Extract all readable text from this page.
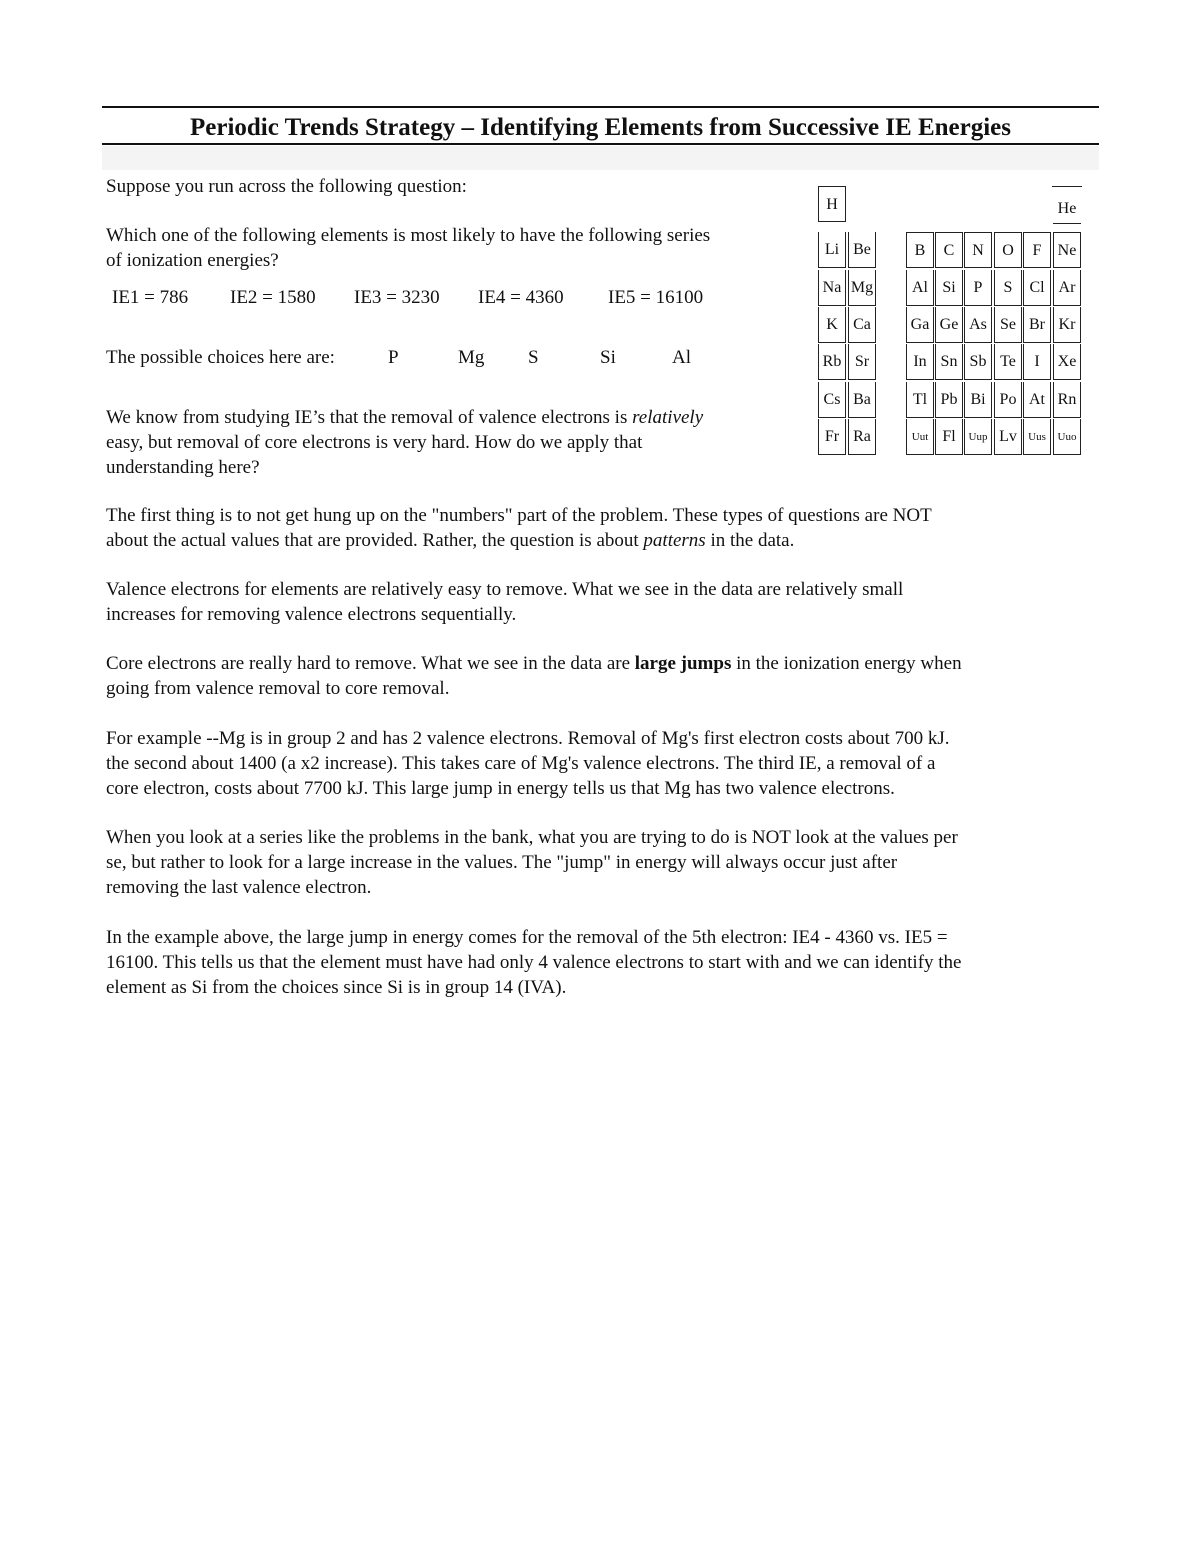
Periodic Trends Strategy – Identifying Elements from Successive IE Energies

Suppose you run across the following question:

Which one of the following elements is most likely to have the following series
of ionization energies?

IE1 = 786 IE2 = 1580 IE3 = 3230 IE4 = 4360 IE5 = 16100
The possible choices here are:	P	Mg S	Si	Al

We know from studying IE’s that the removal of valence electrons is relatively
easy, but removal of core electrons is very hard. How do we apply that
understanding here?

The first thing is to not get hung up on the "numbers" part of the problem. These types of questions are NOT
about the actual values that are provided. Rather, the question is about patterns in the data.

Valence electrons for elements are relatively easy to remove. What we see in the data are relatively small
increases for removing valence electrons sequentially.

Core electrons are really hard to remove. What we see in the data are large jumps in the ionization energy when
going from valence removal to core removal.

For example --Mg is in group 2 and has 2 valence electrons. Removal of Mg's first electron costs about 700 kJ.
the second about 1400 (a x2 increase). This takes care of Mg's valence electrons. The third IE, a removal of a
core electron, costs about 7700 kJ. This large jump in energy tells us that Mg has two valence electrons.

When you look at a series like the problems in the bank, what you are trying to do is NOT look at the values per
se, but rather to look for a large increase in the values. The "jump" in energy will always occur just after
removing the last valence electron.

In the example above, the large jump in energy comes for the removal of the 5th electron: IE4 - 4360 vs. IE5 =
16100. This tells us that the element must have had only 4 valence electrons to start with and we can identify the
element as Si from the choices since Si is in group 14 (IVA).

H	He
Li Be	B	C	N	O	F	Ne
Na Mg	Al Si	P	S	Cl Ar
K Ca	Ga Ge As Se Br Kr
Rb Sr	In Sn Sb Te	I	Xe
Cs Ba	Tl Pb Bi Po At Rn
Fr Ra	Uut Fl	Uup Lv	Uus	Uuo
